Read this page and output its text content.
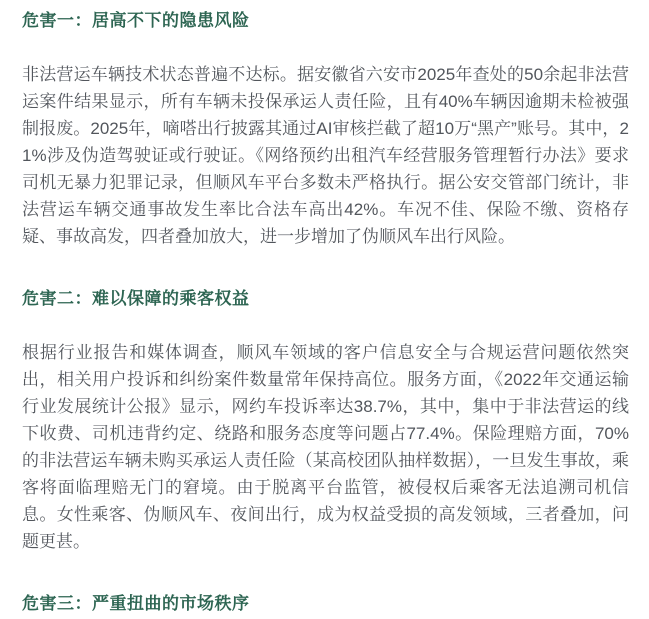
危害一：居高不下的隐患风险

非法营运车辆技术状态普遍不达标。据安徽省六安市2025年查处的50余起非法营运案件结果显示，所有车辆未投保承运人责任险，且有40%车辆因逾期未检被强制报废。2025年，嘀嗒出行披露其通过AI审核拦截了超10万“黑产”账号。其中，21%涉及伪造驾驶证或行驶证。《网络预约出租汽车经营服务管理暂行办法》要求司机无暴力犯罪记录，但顺风车平台多数未严格执行。据公安交管部门统计，非法营运车辆交通事故发生率比合法车高出42%。车况不佳、保险不缴、资格存疑、事故高发，四者叠加放大，进一步增加了伪顺风车出行风险。

危害二：难以保障的乘客权益

根据行业报告和媒体调查，顺风车领域的客户信息安全与合规运营问题依然突出，相关用户投诉和纠纷案件数量常年保持高位。服务方面，《2022年交通运输行业发展统计公报》显示，网约车投诉率达38.7%，其中，集中于非法营运的线下收费、司机违背约定、绕路和服务态度等问题占77.4%。保险理赔方面，70%的非法营运车辆未购买承运人责任险（某高校团队抽样数据），一旦发生事故，乘客将面临理赔无门的窘境。由于脱离平台监管，被侵权后乘客无法追溯司机信息。女性乘客、伪顺风车、夜间出行，成为权益受损的高发领域，三者叠加，问题更甚。

危害三：严重扭曲的市场秩序
